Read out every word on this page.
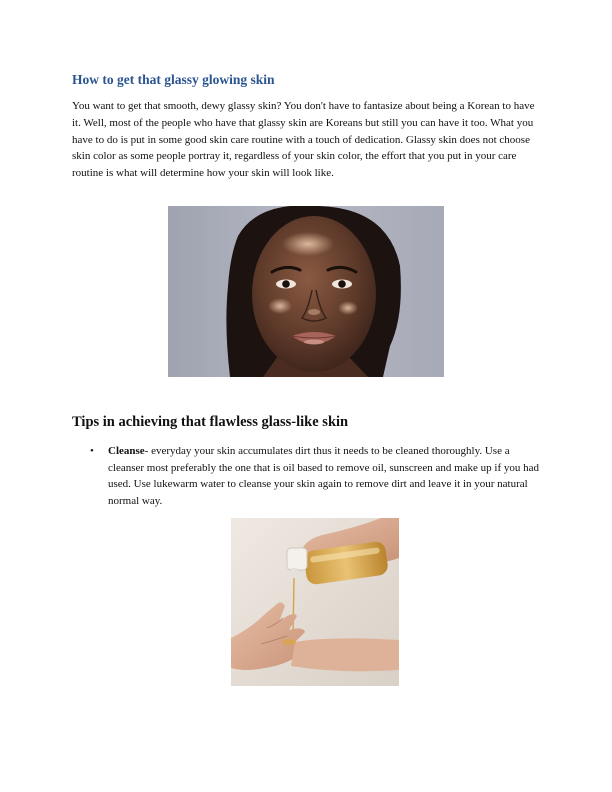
How to get that glassy glowing skin

You want to get that smooth, dewy glassy skin? You don't have to fantasize about being a Korean to have it. Well, most of the people who have that glassy skin are Koreans but still you can have it too. What you have to do is put in some good skin care routine with a touch of dedication. Glassy skin does not choose skin color as some people portray it, regardless of your skin color, the effort that you put in your care routine is what will determine how your skin will look like.

Tips in achieving that flawless glass-like skin
• Cleanse- everyday your skin accumulates dirt thus it needs to be cleaned thoroughly. Use a cleanser most preferably the one that is oil based to remove oil, sunscreen and make up if you had used. Use lukewarm water to cleanse your skin again to remove dirt and leave it in your natural normal way.
